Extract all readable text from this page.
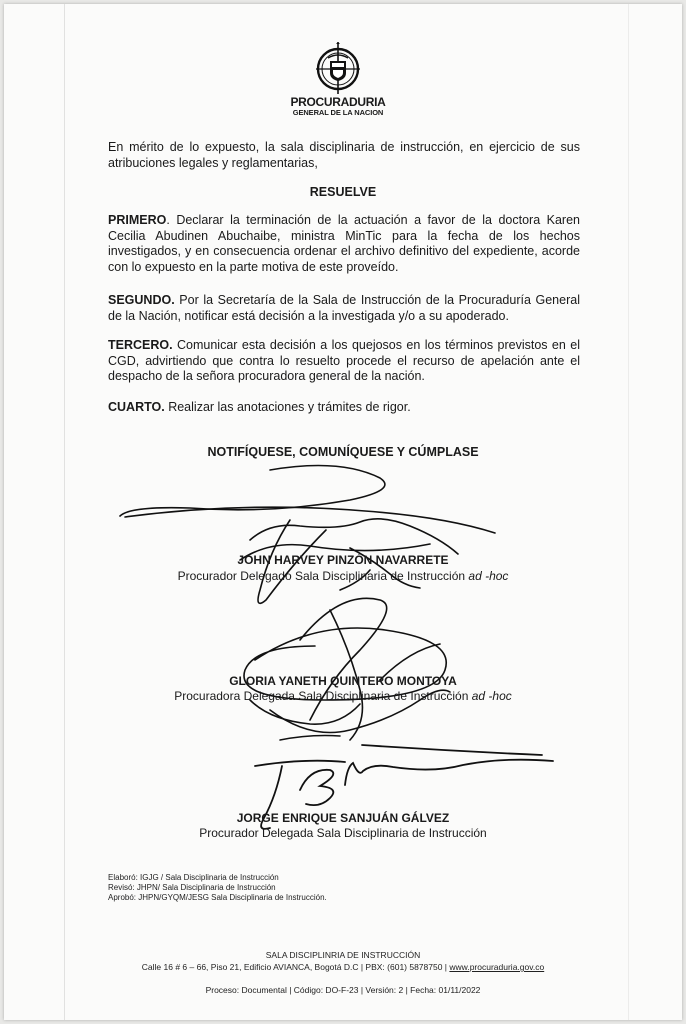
PROCURADURIA
GENERAL DE LA NACION

En mérito de lo expuesto, la sala disciplinaria de instrucción, en ejercicio de sus atribuciones legales y reglamentarias,

RESUELVE

PRIMERO. Declarar la terminación de la actuación a favor de la doctora Karen Cecilia Abudinen Abuchaibe, ministra MinTic para la fecha de los hechos investigados, y en consecuencia ordenar el archivo definitivo del expediente, acorde con lo expuesto en la parte motiva de este proveído.

SEGUNDO. Por la Secretaría de la Sala de Instrucción de la Procuraduría General de la Nación, notificar está decisión a la investigada y/o a su apoderado.

TERCERO. Comunicar esta decisión a los quejosos en los términos previstos en el CGD, advirtiendo que contra lo resuelto procede el recurso de apelación ante el despacho de la señora procuradora general de la nación.

CUARTO. Realizar las anotaciones y trámites de rigor.

NOTIFÍQUESE, COMUNÍQUESE Y CÚMPLASE
JOHN HARVEY PINZÓN NAVARRETE
Procurador Delegado Sala Disciplinaria de Instrucción ad -hoc
GLORIA YANETH QUINTERO MONTOYA
Procuradora Delegada Sala Disciplinaria de Instrucción ad -hoc
JORGE ENRIQUE SANJUÁN GÁLVEZ
Procurador Delegada Sala Disciplinaria de Instrucción
Elaboró: IGJG / Sala Disciplinaria de Instrucción
Revisó: JHPN/ Sala Disciplinaria de Instrucción
Aprobó: JHPN/GYQM/JESG Sala Disciplinaria de Instrucción.
SALA DISCIPLINRIA DE INSTRUCCIÓN
Calle 16 # 6 – 66, Piso 21, Edificio AVIANCA, Bogotá D.C | PBX: (601) 5878750 | www.procuraduria.gov.co
Proceso: Documental | Código: DO-F-23 | Versión: 2 | Fecha: 01/11/2022
